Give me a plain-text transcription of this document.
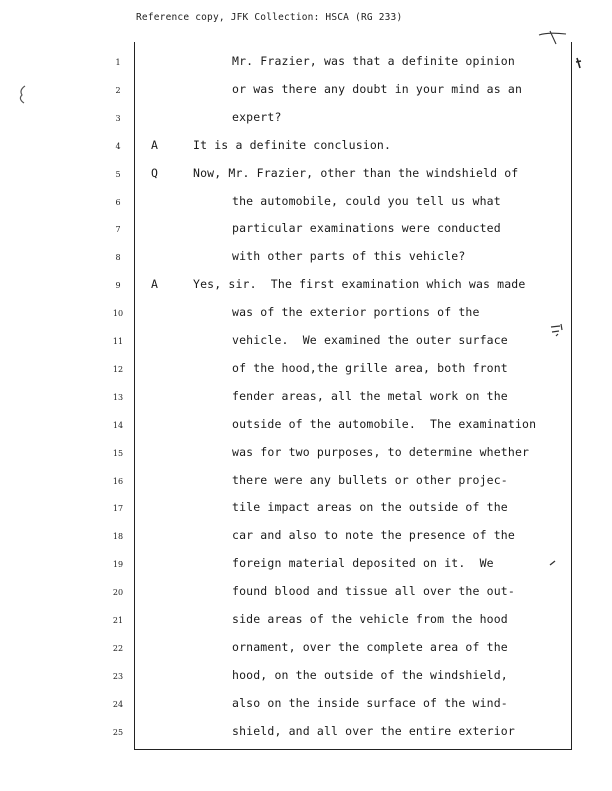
Reference copy, JFK Collection: HSCA (RG 233)
1	Mr. Frazier, was that a definite opinion
2	or was there any doubt in your mind as an
3	expert?
4	A	It is a definite conclusion.
5	Q	Now, Mr. Frazier, other than the windshield of
6	the automobile, could you tell us what
7	particular examinations were conducted
8	with other parts of this vehicle?
9	A	Yes, sir.  The first examination which was made
10	was of the exterior portions of the
11	vehicle.  We examined the outer surface
12	of the hood,the grille area, both front
13	fender areas, all the metal work on the
14	outside of the automobile.  The examination
15	was for two purposes, to determine whether
16	there were any bullets or other projec-
17	tile impact areas on the outside of the
18	car and also to note the presence of the
19	foreign material deposited on it.  We
20	found blood and tissue all over the out-
21	side areas of the vehicle from the hood
22	ornament, over the complete area of the
23	hood, on the outside of the windshield,
24	also on the inside surface of the wind-
25	shield, and all over the entire exterior
